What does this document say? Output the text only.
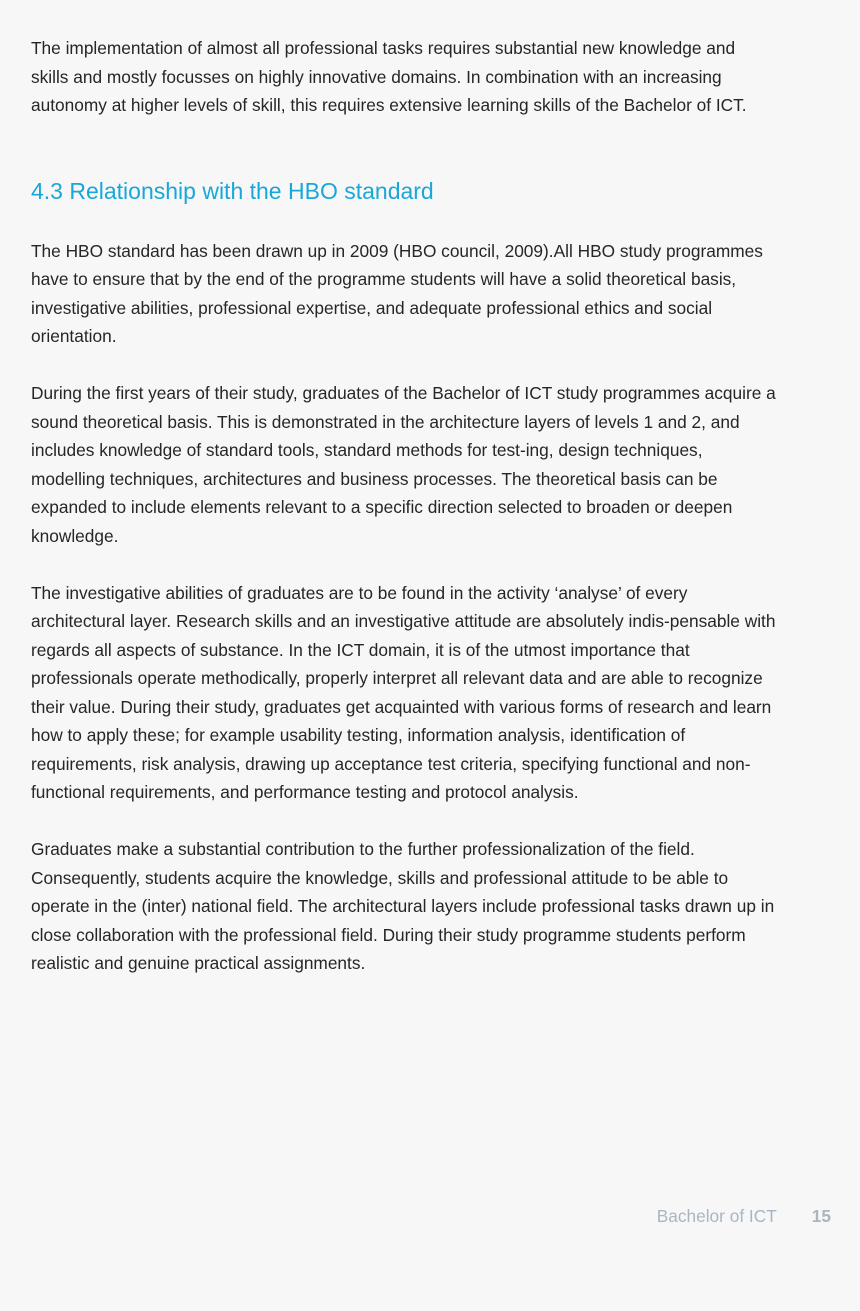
The implementation of almost all professional tasks requires substantial new knowledge and skills and mostly focusses on highly innovative domains. In combination with an increasing autonomy at higher levels of skill, this requires extensive learning skills of the Bachelor of ICT.

4.3 Relationship with the HBO standard

The HBO standard has been drawn up in 2009 (HBO council, 2009).All HBO study programmes have to ensure that by the end of the programme students will have a solid theoretical basis, investigative abilities, professional expertise, and adequate professional ethics and social orientation.

During the first years of their study, graduates of the Bachelor of ICT study programmes acquire a sound theoretical basis. This is demonstrated in the architecture layers of levels 1 and 2, and includes knowledge of standard tools, standard methods for test-ing, design techniques, modelling techniques, architectures and business processes. The theoretical basis can be expanded to include elements relevant to a specific direction selected to broaden or deepen knowledge.

The investigative abilities of graduates are to be found in the activity ‘analyse’ of every architectural layer. Research skills and an investigative attitude are absolutely indis-pensable with regards all aspects of substance. In the ICT domain, it is of the utmost importance that professionals operate methodically, properly interpret all relevant data and are able to recognize their value. During their study, graduates get acquainted with various forms of research and learn how to apply these; for example usability testing, information analysis, identification of requirements, risk analysis, drawing up acceptance test criteria, specifying functional and non-functional requirements, and performance testing and protocol analysis.

Graduates make a substantial contribution to the further professionalization of the field. Consequently, students acquire the knowledge, skills and professional attitude to be able to operate in the (inter) national field. The architectural layers include professional tasks drawn up in close collaboration with the professional field. During their study programme students perform realistic and genuine practical assignments.

Bachelor of ICT 15
